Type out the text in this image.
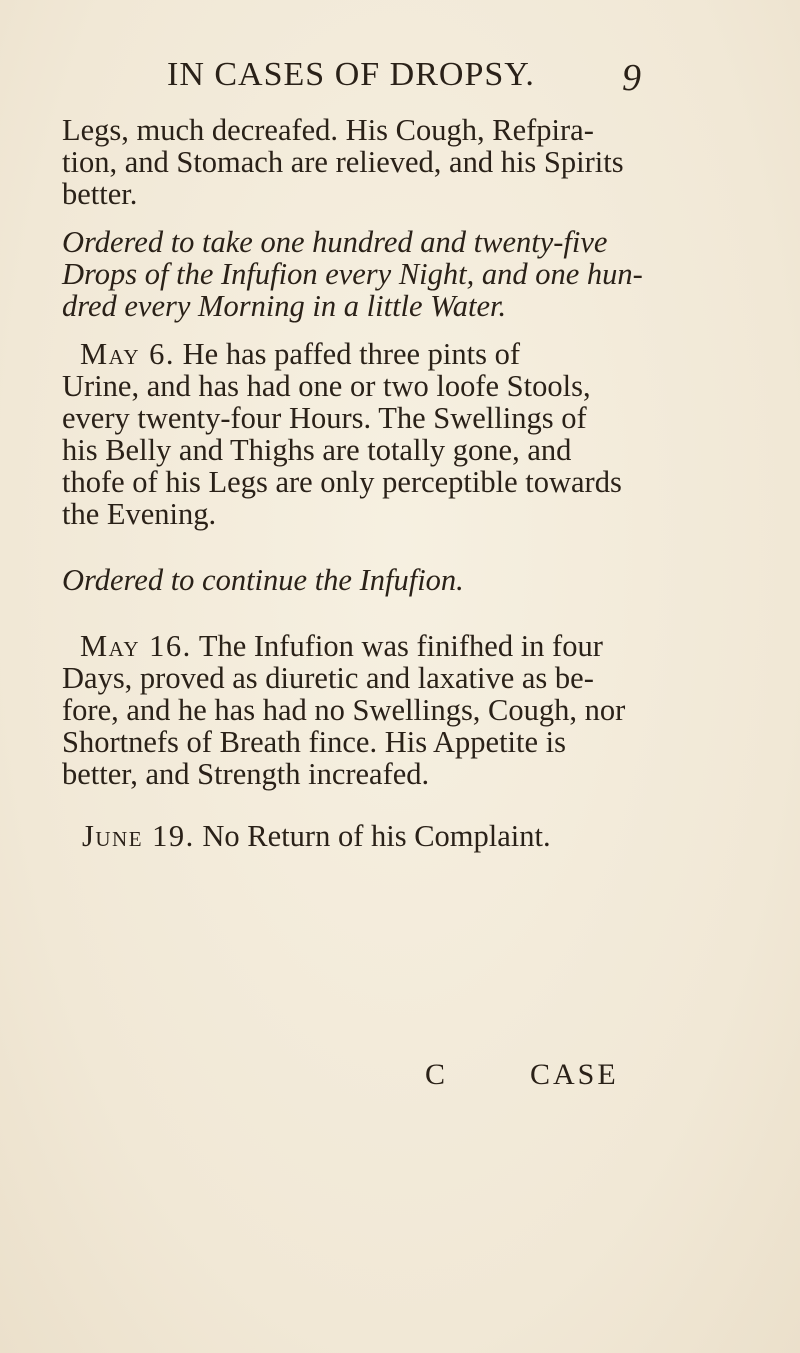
IN CASES OF DROPSY. 9

Legs, much decreafed. His Cough, Refpira-
tion, and Stomach are relieved, and his Spirits
better.

Ordered to take one hundred and twenty-five
Drops of the Infufion every Night, and one hun-
dred every Morning in a little Water.

May 6. He has paffed three pints of
Urine, and has had one or two loofe Stools,
every twenty-four Hours. The Swellings of
his Belly and Thighs are totally gone, and
thofe of his Legs are only perceptible towards
the Evening.

Ordered to continue the Infufion.

May 16. The Infufion was finifhed in four
Days, proved as diuretic and laxative as be-
fore, and he has had no Swellings, Cough, nor
Shortnefs of Breath fince. His Appetite is
better, and Strength increafed.

June 19. No Return of his Complaint.

C	CASE
